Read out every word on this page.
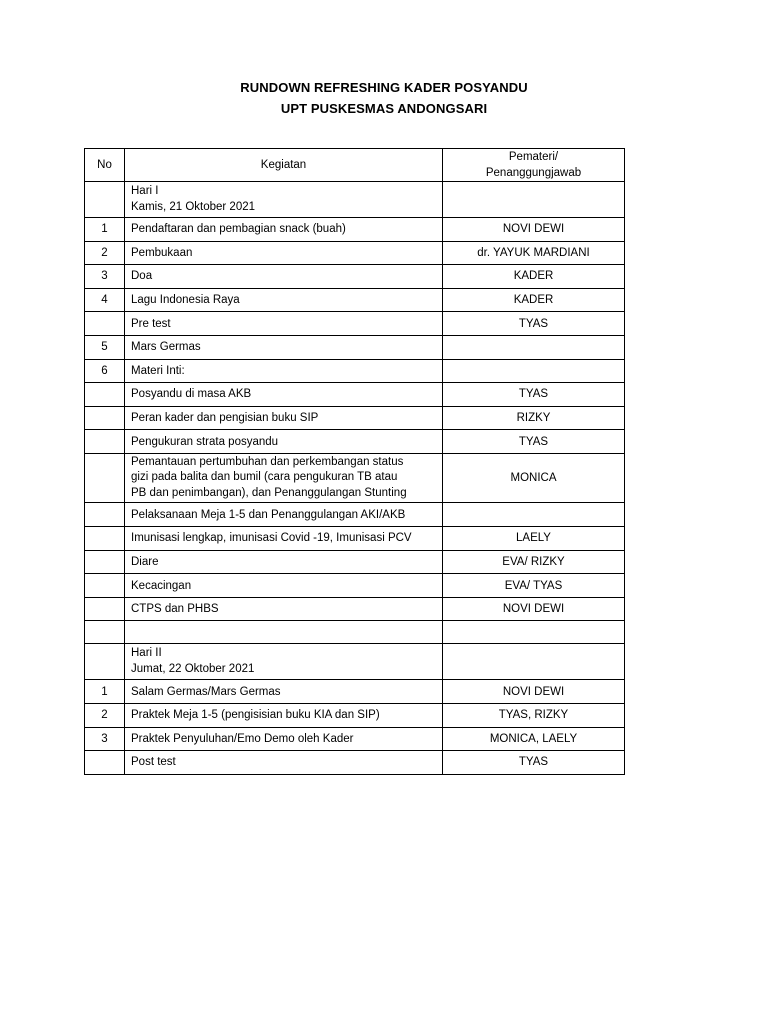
RUNDOWN REFRESHING KADER POSYANDU
UPT PUSKESMAS ANDONGSARI
No	Kegiatan	Pemateri/
Penanggungjawab
	Hari I
Kamis, 21 Oktober 2021	
1	Pendaftaran dan pembagian snack (buah)	NOVI DEWI
2	Pembukaan	dr. YAYUK MARDIANI
3	Doa	KADER
4	Lagu Indonesia Raya	KADER
	Pre test	TYAS
5	Mars Germas	
6	Materi Inti:	
	Posyandu di masa AKB	TYAS
	Peran kader dan pengisian buku SIP	RIZKY
	Pengukuran strata posyandu	TYAS
	Pemantauan pertumbuhan dan perkembangan status
gizi pada balita dan bumil (cara pengukuran TB atau
PB dan penimbangan), dan Penanggulangan Stunting	MONICA
	Pelaksanaan Meja 1-5 dan Penanggulangan AKI/AKB	
	Imunisasi lengkap, imunisasi Covid -19, Imunisasi PCV	LAELY
	Diare	EVA/ RIZKY
	Kecacingan	EVA/ TYAS
	CTPS dan PHBS	NOVI DEWI

	Hari II
Jumat, 22 Oktober 2021	
1	Salam Germas/Mars Germas	NOVI DEWI
2	Praktek Meja 1-5 (pengisisian buku KIA dan SIP)	TYAS, RIZKY
3	Praktek Penyuluhan/Emo Demo oleh Kader	MONICA, LAELY
	Post test	TYAS
